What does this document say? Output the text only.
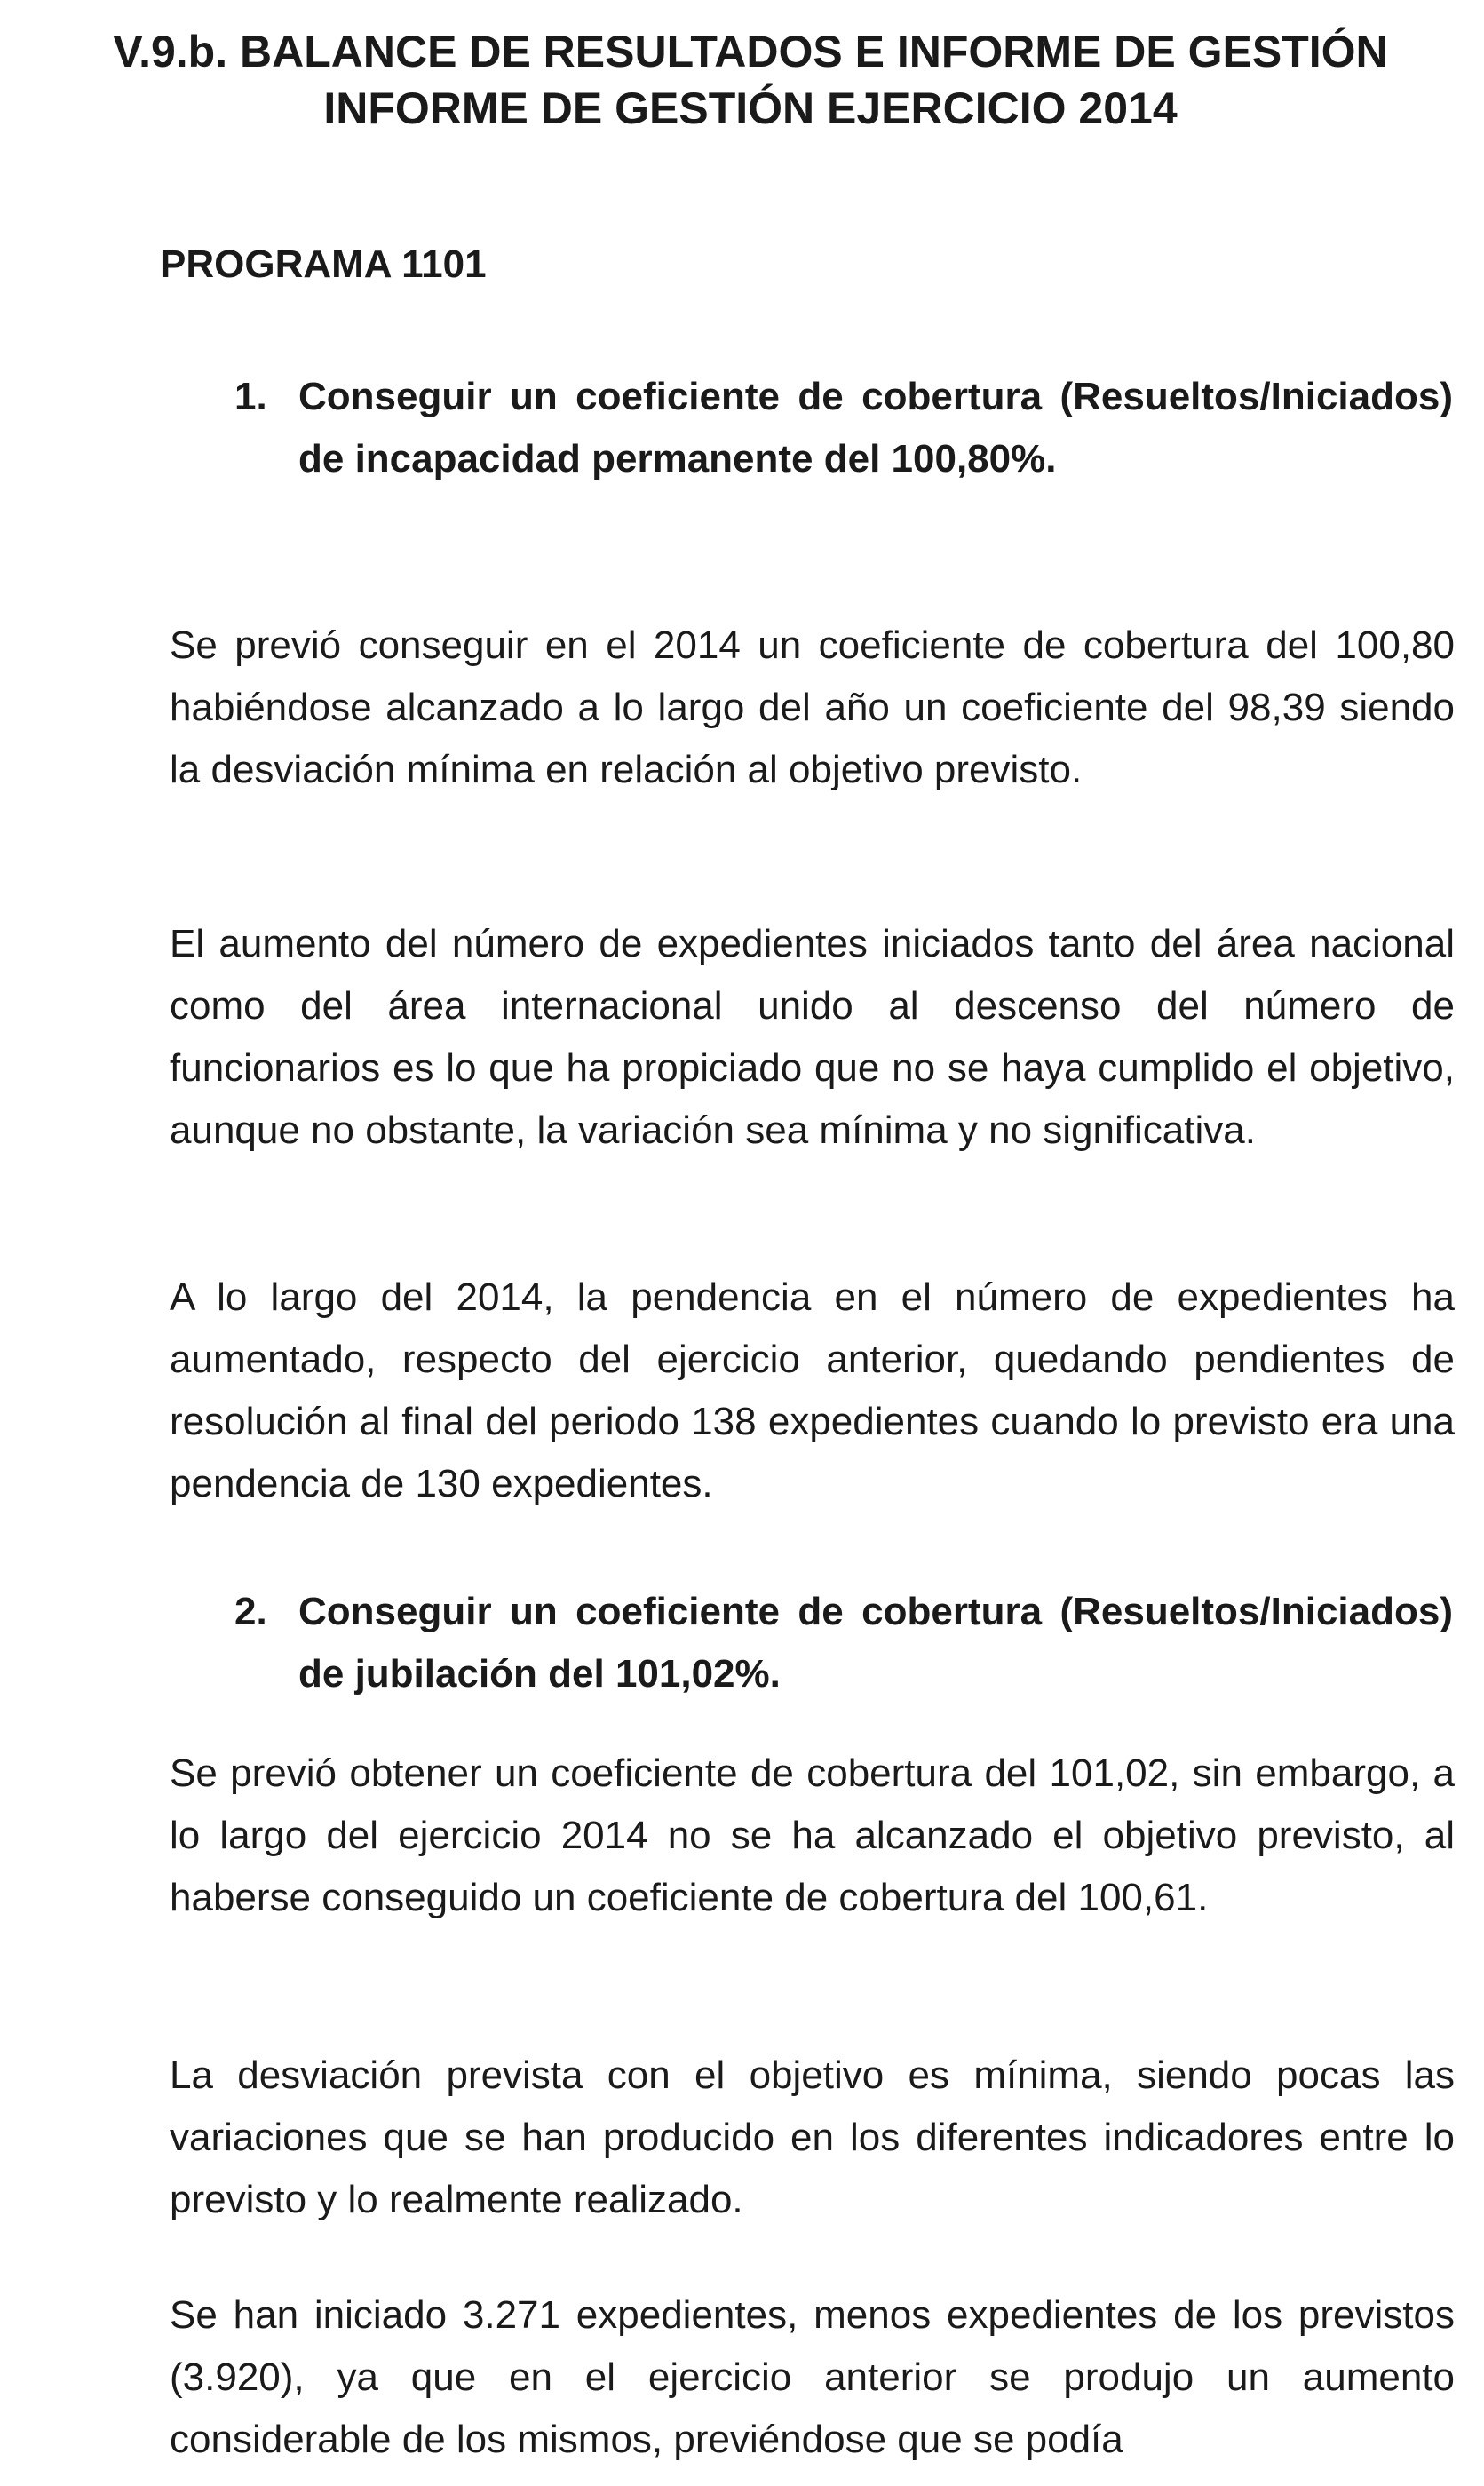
V.9.b. BALANCE DE RESULTADOS E INFORME DE GESTIÓN
INFORME DE GESTIÓN EJERCICIO 2014
PROGRAMA 1101
1. Conseguir un coeficiente de cobertura (Resueltos/Iniciados) de incapacidad permanente del 100,80%.

Se previó conseguir en el 2014 un coeficiente de cobertura del 100,80 habiéndose alcanzado a lo largo del año un coeficiente del 98,39 siendo la desviación mínima en relación al objetivo previsto.

El aumento del número de expedientes iniciados tanto del área nacional como del área internacional unido al descenso del número de funcionarios es lo que ha propiciado que no se haya cumplido el objetivo, aunque no obstante, la variación sea mínima y no significativa.

A lo largo del 2014, la pendencia en el número de expedientes ha aumentado, respecto del ejercicio anterior, quedando pendientes de resolución al final del periodo 138 expedientes cuando lo previsto era una pendencia de 130 expedientes.

2. Conseguir un coeficiente de cobertura (Resueltos/Iniciados) de jubilación del 101,02%.

Se previó obtener un coeficiente de cobertura del 101,02, sin embargo, a lo largo del ejercicio 2014 no se ha alcanzado el objetivo previsto, al haberse conseguido un coeficiente de cobertura del 100,61.

La desviación prevista con el objetivo es mínima, siendo pocas las variaciones que se han producido en los diferentes indicadores entre lo previsto y lo realmente realizado.

Se han iniciado 3.271 expedientes, menos expedientes de los previstos (3.920), ya que en el ejercicio anterior se produjo un aumento considerable de los mismos, previéndose que se podía
